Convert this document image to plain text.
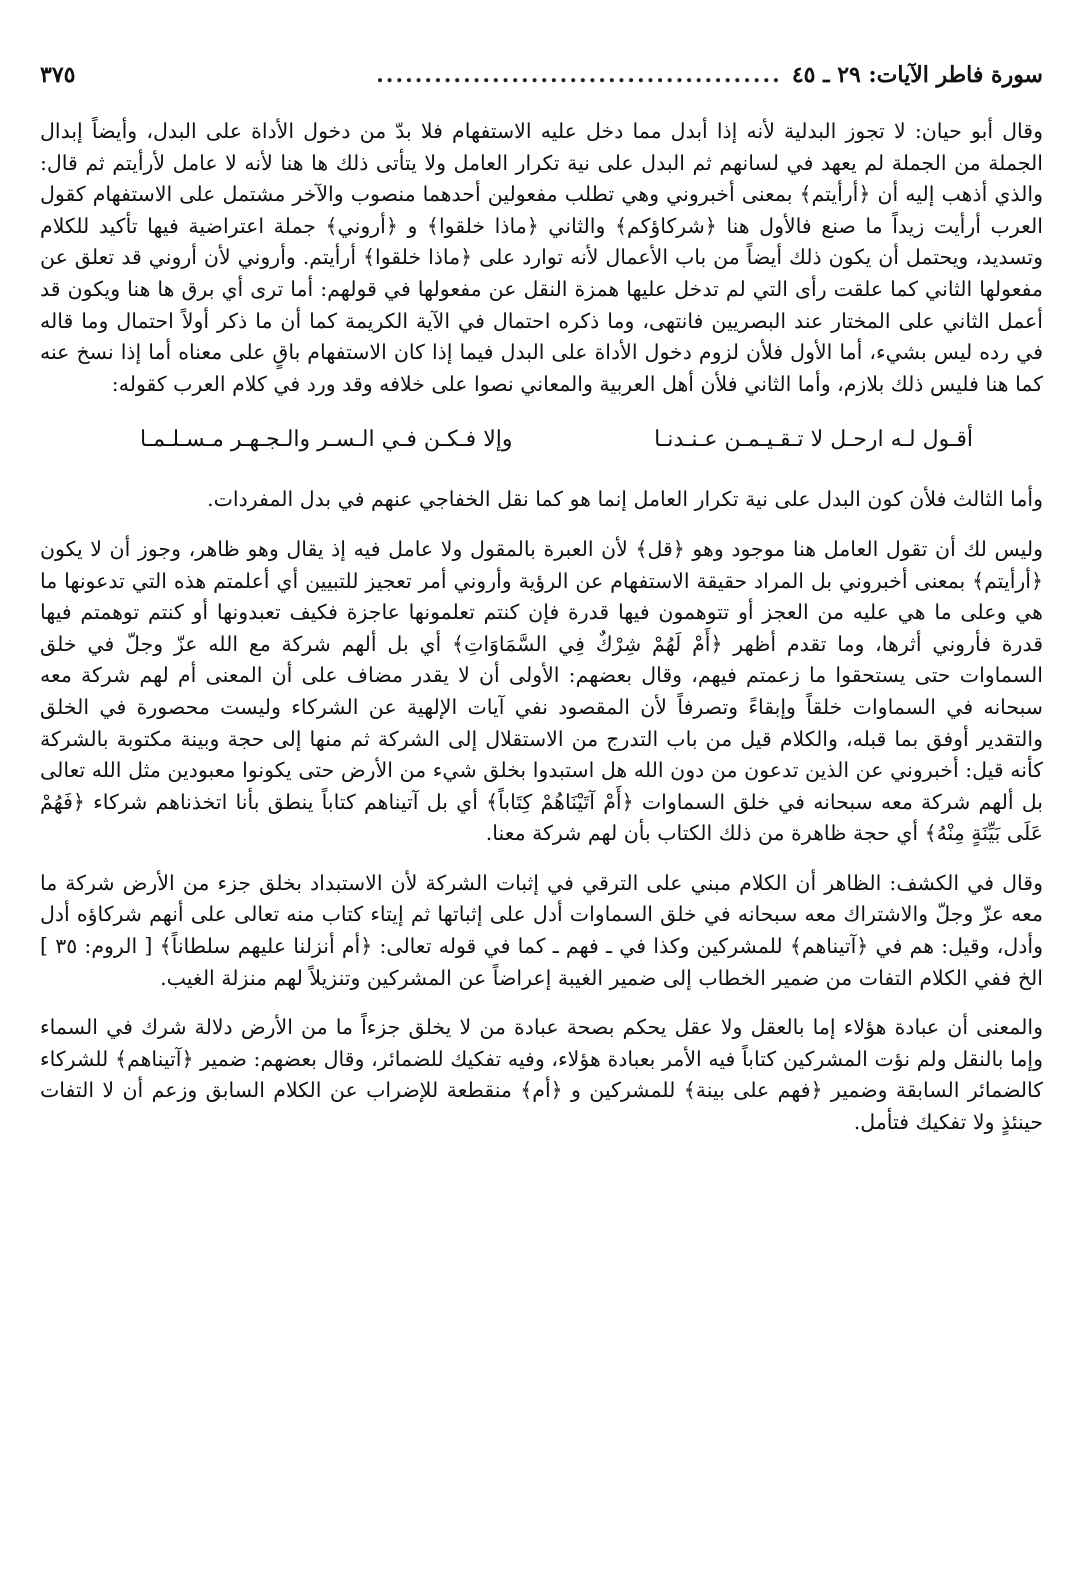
سورة فاطر الآيات: ٢٩ ـ ٤٥
..........................................
٣٧٥

وقال أبو حيان: لا تجوز البدلية لأنه إذا أبدل مما دخل عليه الاستفهام فلا بدّ من دخول الأداة على البدل، وأيضاً إبدال الجملة من الجملة لم يعهد في لسانهم ثم البدل على نية تكرار العامل ولا يتأتى ذلك ها هنا لأنه لا عامل لأرأيتم ثم قال: والذي أذهب إليه أن ﴿أرأيتم﴾ بمعنى أخبروني وهي تطلب مفعولين أحدهما منصوب والآخر مشتمل على الاستفهام كقول العرب أرأيت زيداً ما صنع فالأول هنا ﴿شركاؤكم﴾ والثاني ﴿ماذا خلقوا﴾ و ﴿أروني﴾ جملة اعتراضية فيها تأكيد للكلام وتسديد، ويحتمل أن يكون ذلك أيضاً من باب الأعمال لأنه توارد على ﴿ماذا خلقوا﴾ أرأيتم. وأروني لأن أروني قد تعلق عن مفعولها الثاني كما علقت رأى التي لم تدخل عليها همزة النقل عن مفعولها في قولهم: أما ترى أي برق ها هنا ويكون قد أعمل الثاني على المختار عند البصريين فانتهى، وما ذكره احتمال في الآية الكريمة كما أن ما ذكر أولاً احتمال وما قاله في رده ليس بشيء، أما الأول فلأن لزوم دخول الأداة على البدل فيما إذا كان الاستفهام باقٍ على معناه أما إذا نسخ عنه كما هنا فليس ذلك بلازم، وأما الثاني فلأن أهل العربية والمعاني نصوا على خلافه وقد ورد في كلام العرب كقوله:

أقـول لـه ارحـل لا تـقـيـمـن عـنـدنـا
وإلا فـكـن فـي الـسـر والـجـهـر مـسـلـمـا

وأما الثالث فلأن كون البدل على نية تكرار العامل إنما هو كما نقل الخفاجي عنهم في بدل المفردات.

وليس لك أن تقول العامل هنا موجود وهو ﴿قل﴾ لأن العبرة بالمقول ولا عامل فيه إذ يقال وهو ظاهر، وجوز أن لا يكون ﴿أرأيتم﴾ بمعنى أخبروني بل المراد حقيقة الاستفهام عن الرؤية وأروني أمر تعجيز للتبيين أي أعلمتم هذه التي تدعونها ما هي وعلى ما هي عليه من العجز أو تتوهمون فيها قدرة فإن كنتم تعلمونها عاجزة فكيف تعبدونها أو كنتم توهمتم فيها قدرة فأروني أثرها، وما تقدم أظهر ﴿أَمْ لَهُمْ شِرْكٌ فِي السَّمَاوَاتِ﴾ أي بل ألهم شركة مع الله عزّ وجلّ في خلق السماوات حتى يستحقوا ما زعمتم فيهم، وقال بعضهم: الأولى أن لا يقدر مضاف على أن المعنى أم لهم شركة معه سبحانه في السماوات خلقاً وإبقاءً وتصرفاً لأن المقصود نفي آيات الإلهية عن الشركاء وليست محصورة في الخلق والتقدير أوفق بما قبله، والكلام قيل من باب التدرج من الاستقلال إلى الشركة ثم منها إلى حجة وبينة مكتوبة بالشركة كأنه قيل: أخبروني عن الذين تدعون من دون الله هل استبدوا بخلق شيء من الأرض حتى يكونوا معبودين مثل الله تعالى بل ألهم شركة معه سبحانه في خلق السماوات ﴿أَمْ آتَيْنَاهُمْ كِتَاباً﴾ أي بل آتيناهم كتاباً ينطق بأنا اتخذناهم شركاء ﴿فَهُمْ عَلَى بَيِّنَةٍ مِنْهُ﴾ أي حجة ظاهرة من ذلك الكتاب بأن لهم شركة معنا.

وقال في الكشف: الظاهر أن الكلام مبني على الترقي في إثبات الشركة لأن الاستبداد بخلق جزء من الأرض شركة ما معه عزّ وجلّ والاشتراك معه سبحانه في خلق السماوات أدل على إثباتها ثم إيتاء كتاب منه تعالى على أنهم شركاؤه أدل وأدل، وقيل: هم في ﴿آتيناهم﴾ للمشركين وكذا في ـ فهم ـ كما في قوله تعالى: ﴿أم أنزلنا عليهم سلطاناً﴾ [ الروم: ٣٥ ] الخ ففي الكلام التفات من ضمير الخطاب إلى ضمير الغيبة إعراضاً عن المشركين وتنزيلاً لهم منزلة الغيب.

والمعنى أن عبادة هؤلاء إما بالعقل ولا عقل يحكم بصحة عبادة من لا يخلق جزءاً ما من الأرض دلالة شرك في السماء وإما بالنقل ولم نؤت المشركين كتاباً فيه الأمر بعبادة هؤلاء، وفيه تفكيك للضمائر، وقال بعضهم: ضمير ﴿آتيناهم﴾ للشركاء كالضمائر السابقة وضمير ﴿فهم على بينة﴾ للمشركين و ﴿أم﴾ منقطعة للإضراب عن الكلام السابق وزعم أن لا التفات حينئذٍ ولا تفكيك فتأمل.
